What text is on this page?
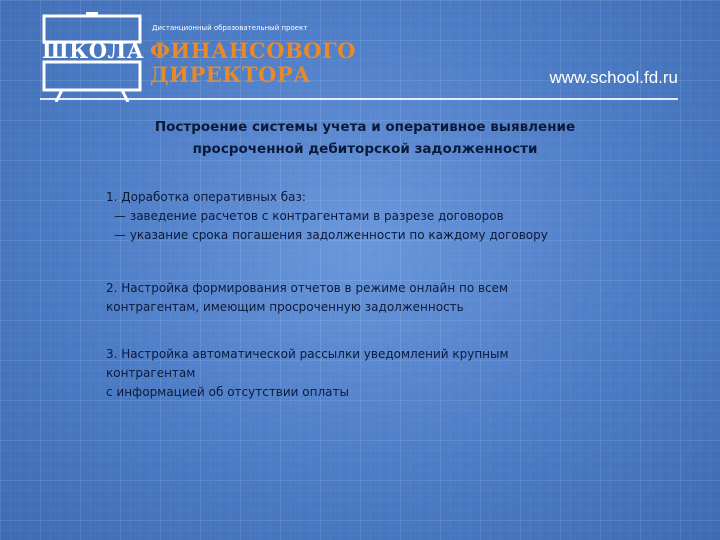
Дистанционный образовательный проект
ШКОЛА ФИНАНСОВОГО
ДИРЕКТОРА	www.school.fd.ru
Построение системы учета и оперативное выявление
просроченной дебиторской задолженности
1. Доработка оперативных баз:
— заведение расчетов с контрагентами в разрезе договоров
— указание срока погашения задолженности по каждому договору
2. Настройка формирования отчетов в режиме онлайн по всем
контрагентам, имеющим просроченную задолженность
3. Настройка автоматической рассылки уведомлений крупным
контрагентам
с информацией об отсутствии оплаты
